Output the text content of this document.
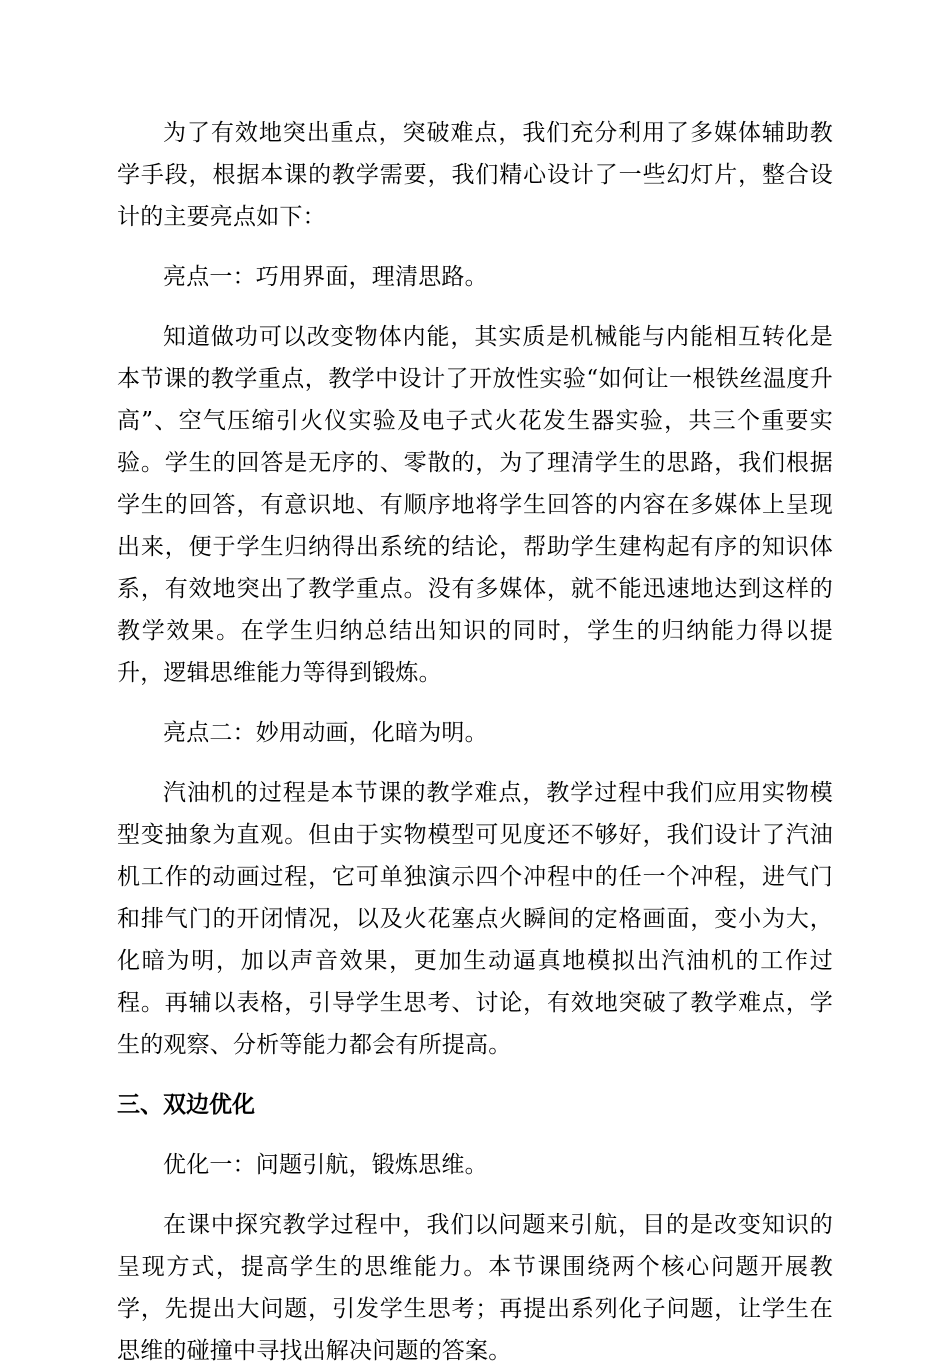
为了有效地突出重点，突破难点，我们充分利用了多媒体辅助教学手段，根据本课的教学需要，我们精心设计了一些幻灯片，整合设计的主要亮点如下：

亮点一：巧用界面，理清思路。

知道做功可以改变物体内能，其实质是机械能与内能相互转化是本节课的教学重点，教学中设计了开放性实验“如何让一根铁丝温度升高”、空气压缩引火仪实验及电子式火花发生器实验，共三个重要实验。学生的回答是无序的、零散的，为了理清学生的思路，我们根据学生的回答，有意识地、有顺序地将学生回答的内容在多媒体上呈现出来，便于学生归纳得出系统的结论，帮助学生建构起有序的知识体系，有效地突出了教学重点。没有多媒体，就不能迅速地达到这样的教学效果。在学生归纳总结出知识的同时，学生的归纳能力得以提升，逻辑思维能力等得到锻炼。

亮点二：妙用动画，化暗为明。

汽油机的过程是本节课的教学难点，教学过程中我们应用实物模型变抽象为直观。但由于实物模型可见度还不够好，我们设计了汽油机工作的动画过程，它可单独演示四个冲程中的任一个冲程，进气门和排气门的开闭情况，以及火花塞点火瞬间的定格画面，变小为大，化暗为明，加以声音效果，更加生动逼真地模拟出汽油机的工作过程。再辅以表格，引导学生思考、讨论，有效地突破了教学难点，学生的观察、分析等能力都会有所提高。

三、双边优化

优化一：问题引航，锻炼思维。

在课中探究教学过程中，我们以问题来引航，目的是改变知识的呈现方式，提高学生的思维能力。本节课围绕两个核心问题开展教学，先提出大问题，引发学生思考；再提出系列化子问题，让学生在思维的碰撞中寻找出解决问题的答案。
